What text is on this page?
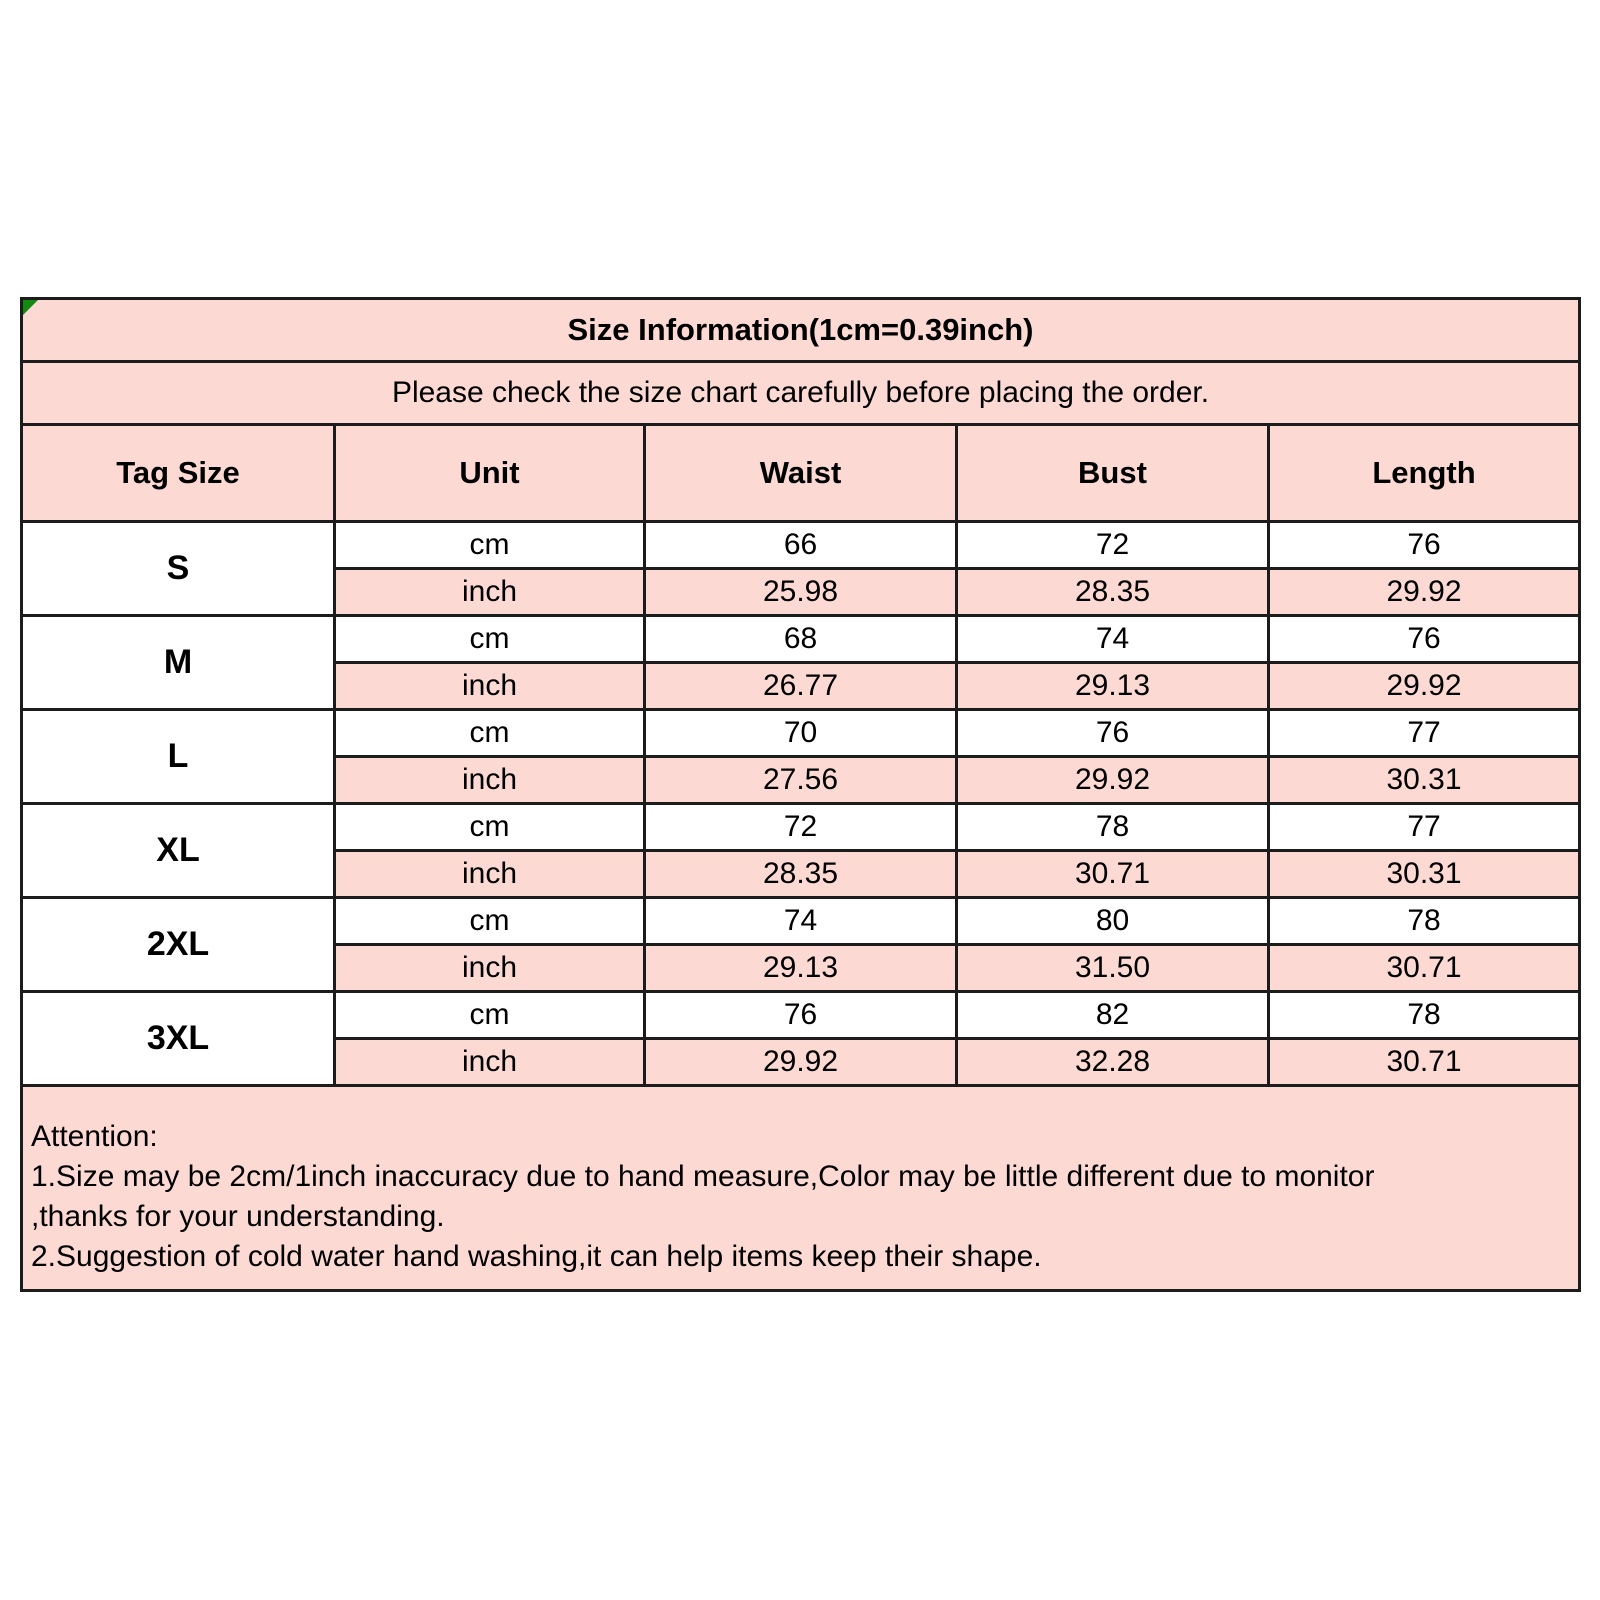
Size Information(1cm=0.39inch)				
Please check the size chart carefully before placing the order.				
Tag Size	Unit	Waist	Bust	Length
S	cm	66	72	76
	inch	25.98	28.35	29.92
M	cm	68	74	76
	inch	26.77	29.13	29.92
L	cm	70	76	77
	inch	27.56	29.92	30.31
XL	cm	72	78	77
	inch	28.35	30.71	30.31
2XL	cm	74	80	78
	inch	29.13	31.50	30.71
3XL	cm	76	82	78
	inch	29.92	32.28	30.71

Attention:
1.Size may be 2cm/1inch inaccuracy due to hand measure,Color may be little different due to monitor
,thanks for your understanding.
2.Suggestion of cold water hand washing,it can help items keep their shape.				
